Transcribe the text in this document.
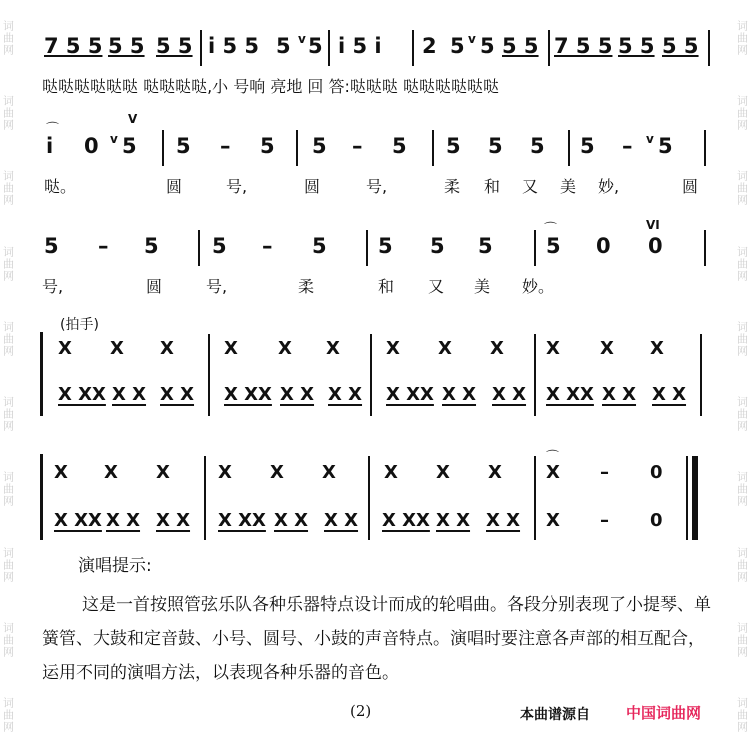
词曲网
词曲网
词曲网
词曲网
词曲网
词曲网
词曲网
词曲网
词曲网
词曲网
词曲网
词曲网
词曲网
词曲网
词曲网
词曲网
词曲网
词曲网
词曲网
词曲网
7 5 5 5 5 5 5 i 5 5 5 v 5 i 5 i 2 5 v 5 5 5 7 5 5 5 5 5 5

哒哒哒哒哒哒 哒哒哒哒,小 号响 亮地 回 答:哒哒哒 哒哒哒哒哒哒

⌒
V
i 0 v 5 5 – 5 5 – 5 5 5 5 5 – v 5

哒。

	圆

	号,

	圆

	号,

	柔

和

又

美

妙,

	圆

⌒	VI
5 – 5	5 – 5 5 5 5	5 0 0

号,

	圆

	号,

	柔

	和

又

美

妙。

(拍手)
X X X	X X X	X X X X X X
X XX X X X X X XX X X X X X XX X X X X X XX X X X X
⌒
X X X	X X X	X X X X – 0
X XX X X X X X XX X X X X X XX X X X X X – 0
演唱提示:
这是一首按照管弦乐队各种乐器特点设计而成的轮唱曲。各段分别表现了小提琴、单簧管、大鼓和定音鼓、小号、圆号、小鼓的声音特点。演唱时要注意各声部的相互配合，运用不同的演唱方法，以表现各种乐器的音色。
(2)	本曲谱源自 中国词曲网
